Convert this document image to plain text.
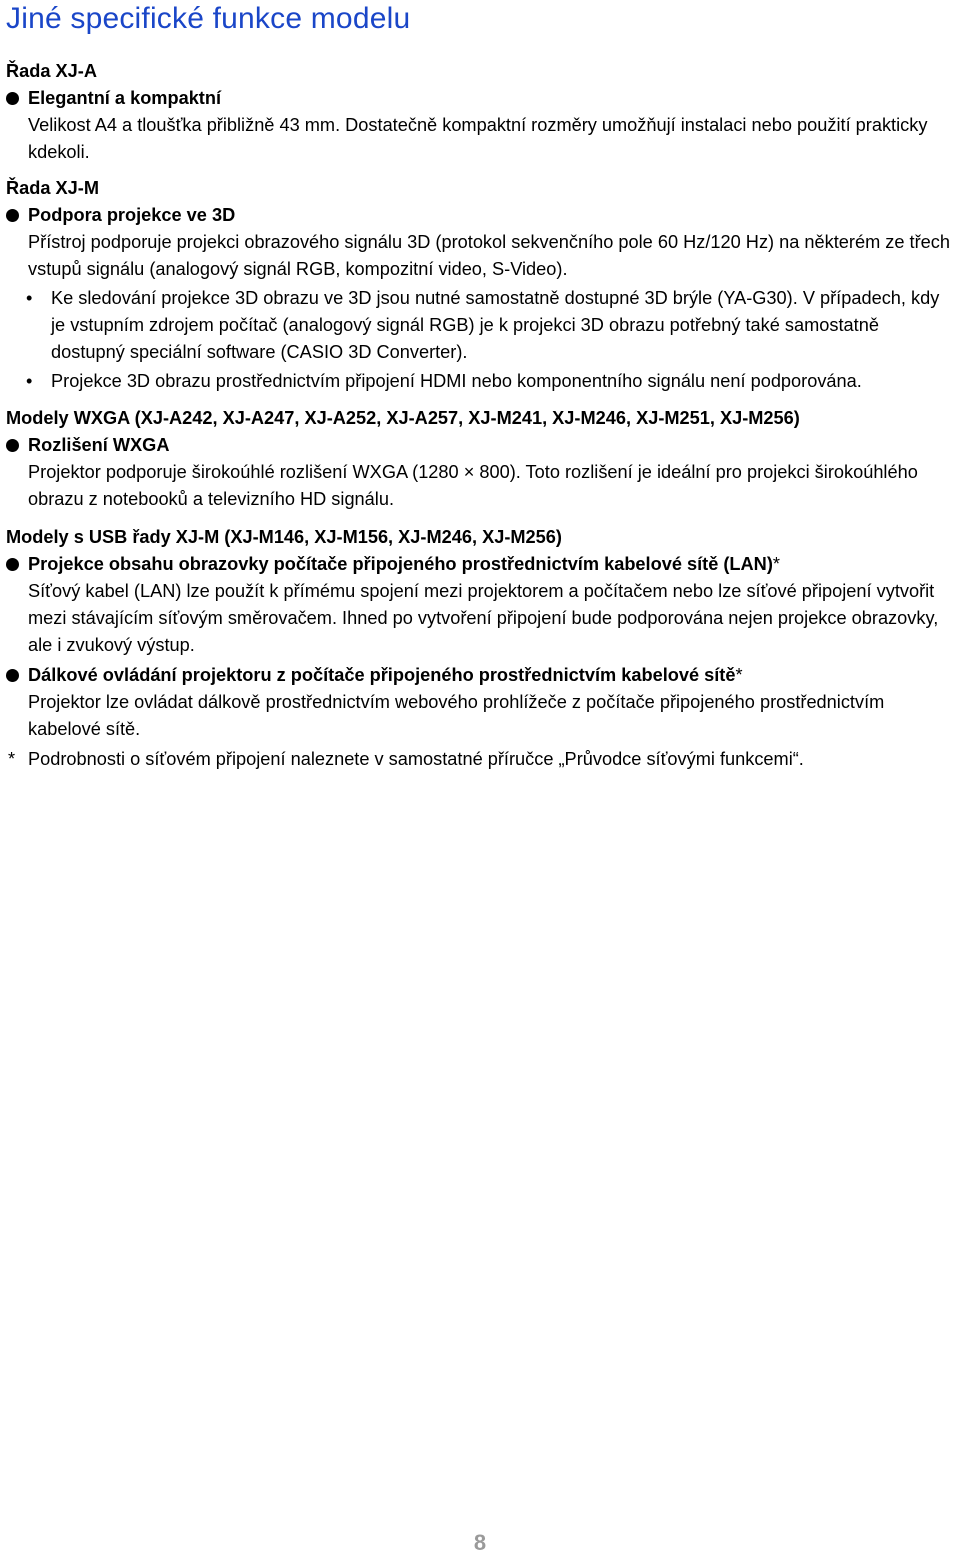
Jiné specifické funkce modelu
Řada XJ-A
Elegantní a kompaktní
Velikost A4 a tloušťka přibližně 43 mm. Dostatečně kompaktní rozměry umožňují instalaci nebo použití prakticky kdekoli.
Řada XJ-M
Podpora projekce ve 3D
Přístroj podporuje projekci obrazového signálu 3D (protokol sekvenčního pole 60 Hz/120 Hz) na některém ze třech vstupů signálu (analogový signál RGB, kompozitní video, S-Video).
• Ke sledování projekce 3D obrazu ve 3D jsou nutné samostatně dostupné 3D brýle (YA-G30). V případech, kdy je vstupním zdrojem počítač (analogový signál RGB) je k projekci 3D obrazu potřebný také samostatně dostupný speciální software (CASIO 3D Converter).
• Projekce 3D obrazu prostřednictvím připojení HDMI nebo komponentního signálu není podporována.
Modely WXGA (XJ-A242, XJ-A247, XJ-A252, XJ-A257, XJ-M241, XJ-M246, XJ-M251, XJ-M256)
Rozlišení WXGA
Projektor podporuje širokoúhlé rozlišení WXGA (1280 × 800). Toto rozlišení je ideální pro projekci širokoúhlého obrazu z notebooků a televizního HD signálu.
Modely s USB řady XJ-M (XJ-M146, XJ-M156, XJ-M246, XJ-M256)
Projekce obsahu obrazovky počítače připojeného prostřednictvím kabelové sítě (LAN)*
Síťový kabel (LAN) lze použít k přímému spojení mezi projektorem a počítačem nebo lze síťové připojení vytvořit mezi stávajícím síťovým směrovačem. Ihned po vytvoření připojení bude podporována nejen projekce obrazovky, ale i zvukový výstup.
Dálkové ovládání projektoru z počítače připojeného prostřednictvím kabelové sítě*
Projektor lze ovládat dálkově prostřednictvím webového prohlížeče z počítače připojeného prostřednictvím kabelové sítě.
* Podrobnosti o síťovém připojení naleznete v samostatné příručce „Průvodce síťovými funkcemi“.
8
